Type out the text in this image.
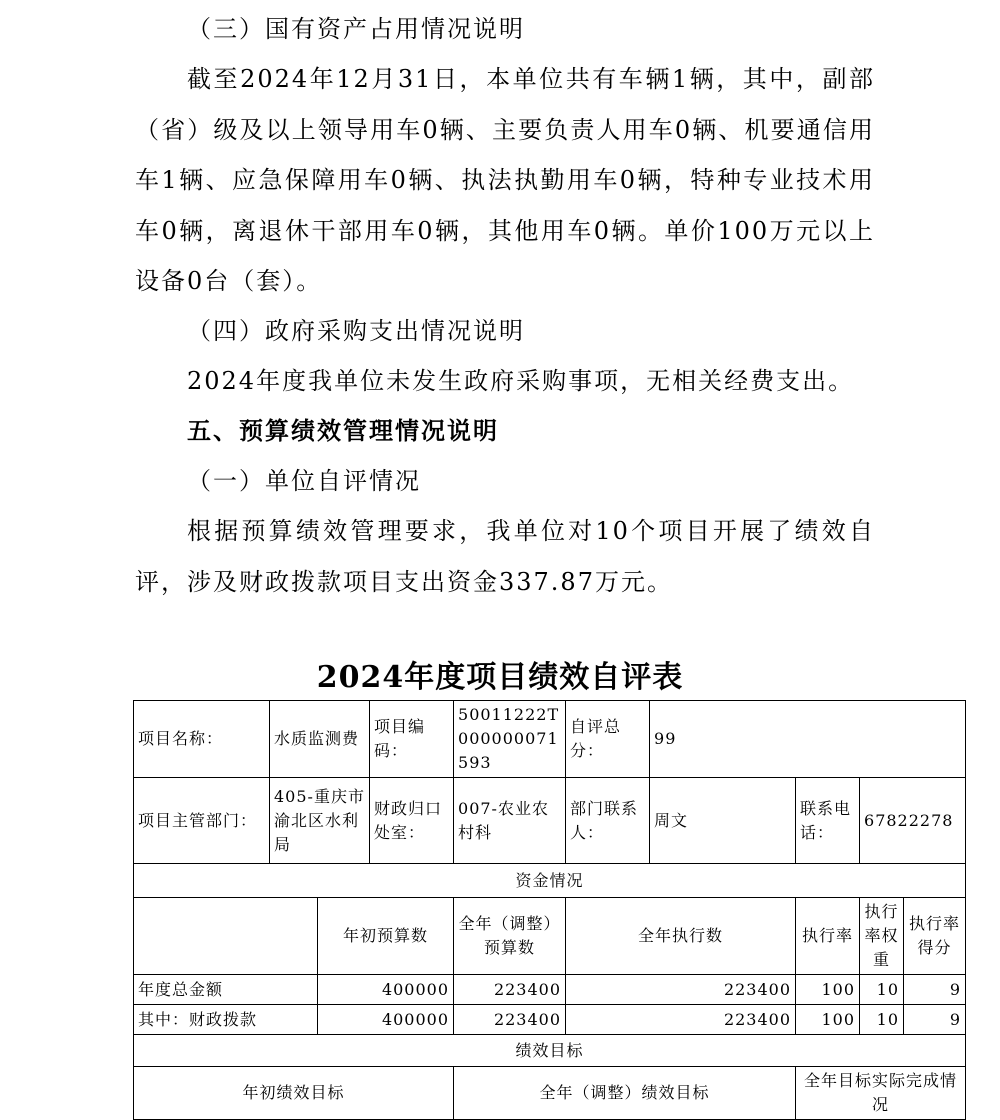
（三）国有资产占用情况说明
截至2024年12月31日，本单位共有车辆1辆，其中，副部（省）级及以上领导用车0辆、主要负责人用车0辆、机要通信用车1辆、应急保障用车0辆、执法执勤用车0辆，特种专业技术用车0辆，离退休干部用车0辆，其他用车0辆。单价100万元以上设备0台（套）。
（四）政府采购支出情况说明
2024年度我单位未发生政府采购事项，无相关经费支出。
五、预算绩效管理情况说明
（一）单位自评情况
根据预算绩效管理要求，我单位对10个项目开展了绩效自评，涉及财政拨款项目支出资金337.87万元。
2024年度项目绩效自评表
项目名称：	水质监测费		项目编码：	50011222T000000071593	自评总分：	99			
项目主管部门：	405-重庆市渝北区水利局		财政归口处室：	007-农业农村科	部门联系人：	周文	联系电话：	67822278	
资金情况									
		年初预算数		全年（调整）预算数	全年执行数		执行率	执行率权重	执行率得分
年度总金额		400000		223400	223400		100	10	9
其中：财政拨款		400000		223400	223400		100	10	9
绩效目标									
年初绩效目标				全年（调整）绩效目标			全年目标实际完成情况		
